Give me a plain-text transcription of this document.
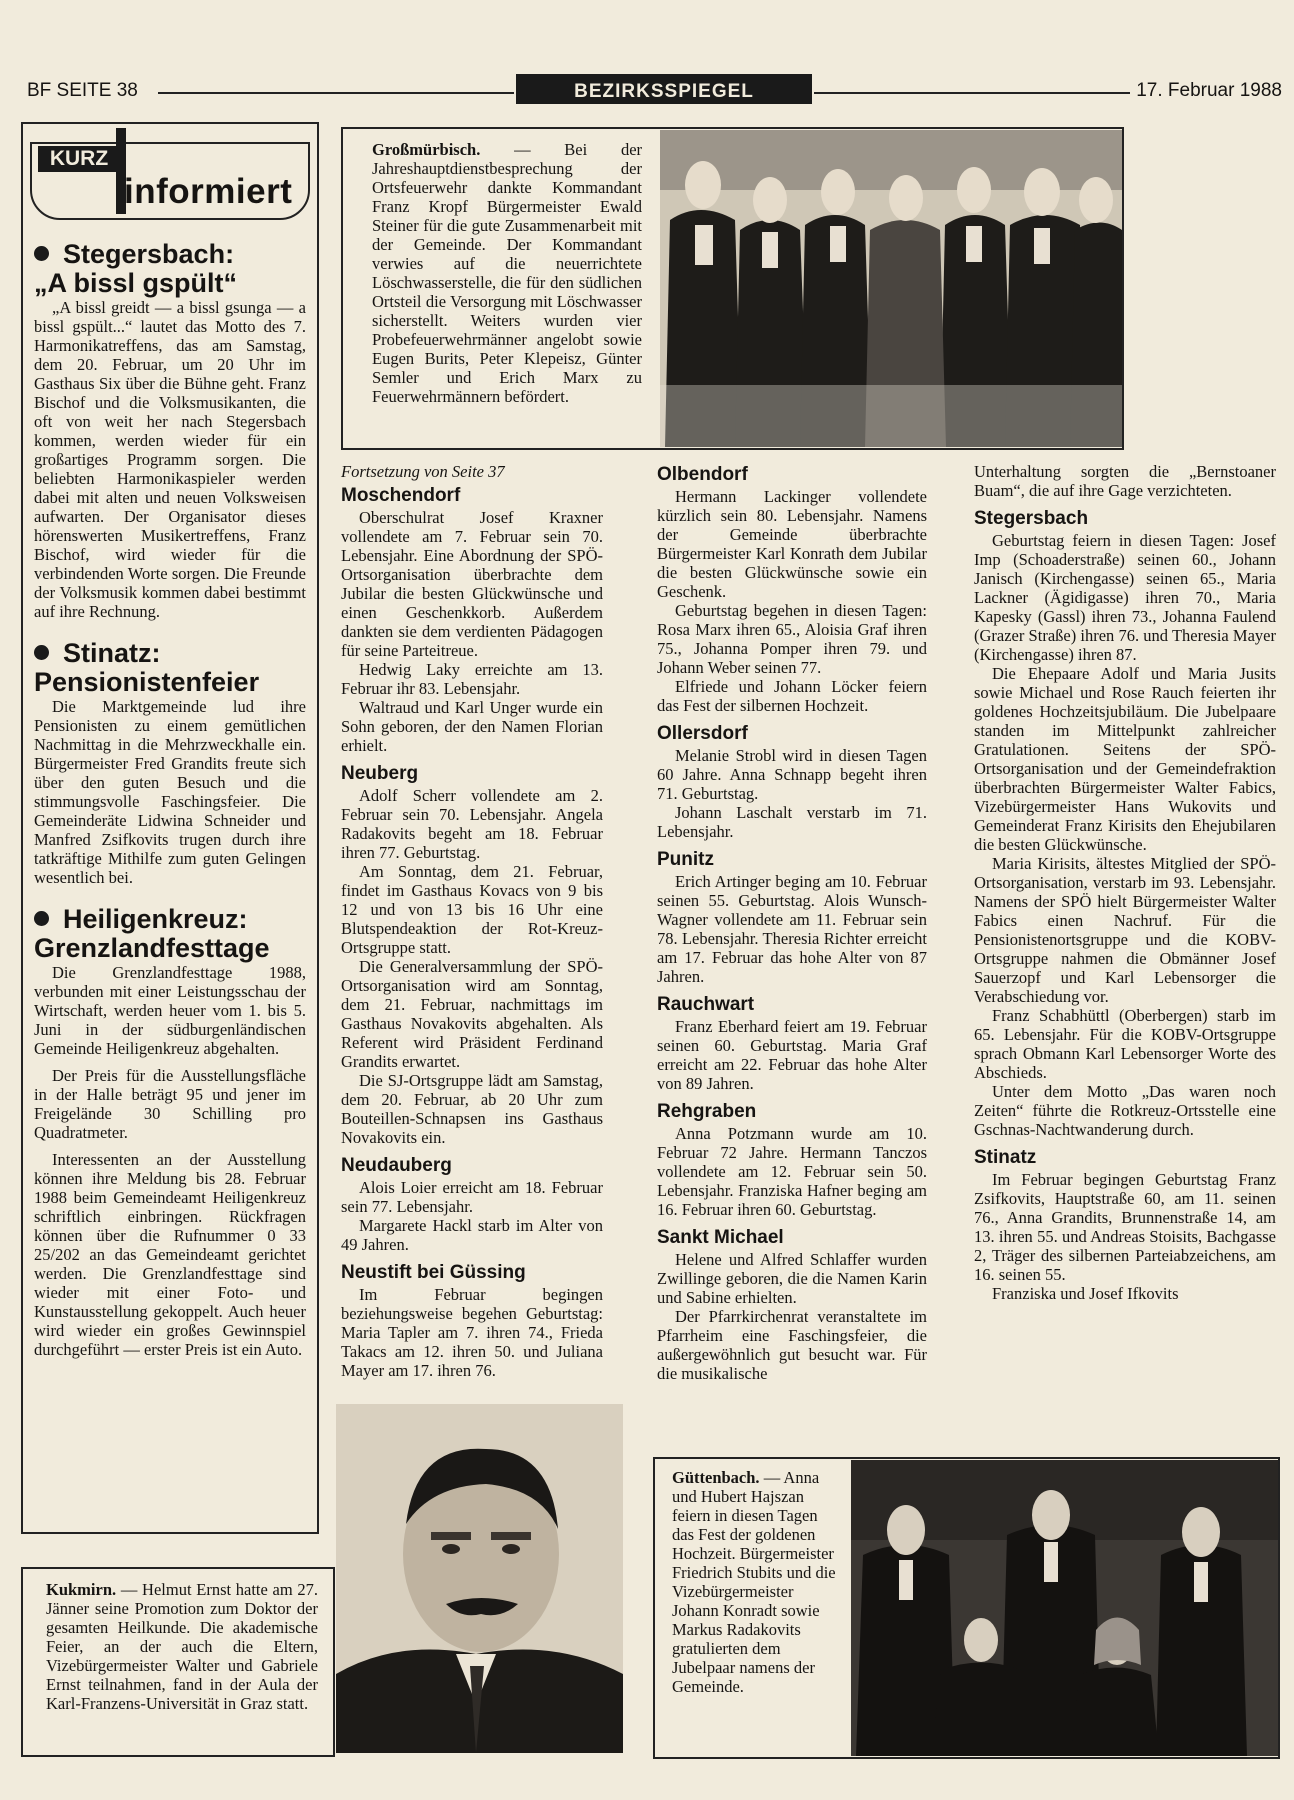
BF SEITE 38	BEZIRKSSPIEGEL	17. Februar 1988
KURZ
informiert
Stegersbach:
„A bissl gspült“

„A bissl greidt — a bissl gsunga — a bissl gspült...“ lautet das Motto des 7. Harmonikatreffens, das am Samstag, dem 20. Februar, um 20 Uhr im Gasthaus Six über die Bühne geht. Franz Bischof und die Volksmusikanten, die oft von weit her nach Stegersbach kommen, werden wieder für ein großartiges Programm sorgen. Die beliebten Harmonikaspieler werden dabei mit alten und neuen Volksweisen aufwarten. Der Organisator dieses hörenswerten Musikertreffens, Franz Bischof, wird wieder für die verbindenden Worte sorgen. Die Freunde der Volksmusik kommen dabei bestimmt auf ihre Rechnung.

Stinatz:
Pensionistenfeier

Die Marktgemeinde lud ihre Pensionisten zu einem gemütlichen Nachmittag in die Mehrzweckhalle ein. Bürgermeister Fred Grandits freute sich über den guten Besuch und die stimmungsvolle Faschingsfeier. Die Gemeinderäte Lidwina Schneider und Manfred Zsifkovits trugen durch ihre tatkräftige Mithilfe zum guten Gelingen wesentlich bei.

Heiligenkreuz:
Grenzlandfesttage

Die Grenzlandfesttage 1988, verbunden mit einer Leistungsschau der Wirtschaft, werden heuer vom 1. bis 5. Juni in der südburgenländischen Gemeinde Heiligenkreuz abgehalten.

Der Preis für die Ausstellungsfläche in der Halle beträgt 95 und jener im Freigelände 30 Schilling pro Quadratmeter.

Interessenten an der Ausstellung können ihre Meldung bis 28. Februar 1988 beim Gemeindeamt Heiligenkreuz schriftlich einbringen. Rückfragen können über die Rufnummer 0 33 25/202 an das Gemeindeamt gerichtet werden. Die Grenzlandfesttage sind wieder mit einer Foto- und Kunstausstellung gekoppelt. Auch heuer wird wieder ein großes Gewinnspiel durchgeführt — erster Preis ist ein Auto.

Großmürbisch. — Bei der Jahreshauptdienstbesprechung der Ortsfeuerwehr dankte Kommandant Franz Kropf Bürgermeister Ewald Steiner für die gute Zusammenarbeit mit der Gemeinde. Der Kommandant verwies auf die neuerrichtete Löschwasserstelle, die für den südlichen Ortsteil die Versorgung mit Löschwasser sicherstellt. Weiters wurden vier Probefeuerwehrmänner angelobt sowie Eugen Burits, Peter Klepeisz, Günter Semler und Erich Marx zu Feuerwehrmännern befördert.
Fortsetzung von Seite 37
Moschendorf

Oberschulrat Josef Kraxner vollendete am 7. Februar sein 70. Lebensjahr. Eine Abordnung der SPÖ-Ortsorganisation überbrachte dem Jubilar die besten Glückwünsche und einen Geschenkkorb. Außerdem dankten sie dem verdienten Pädagogen für seine Parteitreue.

Hedwig Laky erreichte am 13. Februar ihr 83. Lebensjahr.

Waltraud und Karl Unger wurde ein Sohn geboren, der den Namen Florian erhielt.

Neuberg

Adolf Scherr vollendete am 2. Februar sein 70. Lebensjahr. Angela Radakovits begeht am 18. Februar ihren 77. Geburtstag.

Am Sonntag, dem 21. Februar, findet im Gasthaus Kovacs von 9 bis 12 und von 13 bis 16 Uhr eine Blutspendeaktion der Rot-Kreuz-Ortsgruppe statt.

Die Generalversammlung der SPÖ-Ortsorganisation wird am Sonntag, dem 21. Februar, nachmittags im Gasthaus Novakovits abgehalten. Als Referent wird Präsident Ferdinand Grandits erwartet.

Die SJ-Ortsgruppe lädt am Samstag, dem 20. Februar, ab 20 Uhr zum Bouteillen-Schnapsen ins Gasthaus Novakovits ein.

Neudauberg

Alois Loier erreicht am 18. Februar sein 77. Lebensjahr.

Margarete Hackl starb im Alter von 49 Jahren.

Neustift bei Güssing

Im Februar begingen beziehungsweise begehen Geburtstag: Maria Tapler am 7. ihren 74., Frieda Takacs am 12. ihren 50. und Juliana Mayer am 17. ihren 76.

Olbendorf

Hermann Lackinger vollendete kürzlich sein 80. Lebensjahr. Namens der Gemeinde überbrachte Bürgermeister Karl Konrath dem Jubilar die besten Glückwünsche sowie ein Geschenk.

Geburtstag begehen in diesen Tagen: Rosa Marx ihren 65., Aloisia Graf ihren 75., Johanna Pomper ihren 79. und Johann Weber seinen 77.

Elfriede und Johann Löcker feiern das Fest der silbernen Hochzeit.

Ollersdorf

Melanie Strobl wird in diesen Tagen 60 Jahre. Anna Schnapp begeht ihren 71. Geburtstag.

Johann Laschalt verstarb im 71. Lebensjahr.

Punitz

Erich Artinger beging am 10. Februar seinen 55. Geburtstag. Alois Wunsch-Wagner vollendete am 11. Februar sein 78. Lebensjahr. Theresia Richter erreicht am 17. Februar das hohe Alter von 87 Jahren.

Rauchwart

Franz Eberhard feiert am 19. Februar seinen 60. Geburtstag. Maria Graf erreicht am 22. Februar das hohe Alter von 89 Jahren.

Rehgraben

Anna Potzmann wurde am 10. Februar 72 Jahre. Hermann Tanczos vollendete am 12. Februar sein 50. Lebensjahr. Franziska Hafner beging am 16. Februar ihren 60. Geburtstag.

Sankt Michael

Helene und Alfred Schlaffer wurden Zwillinge geboren, die die Namen Karin und Sabine erhielten.

Der Pfarrkirchenrat veranstaltete im Pfarrheim eine Faschingsfeier, die außergewöhnlich gut besucht war. Für die musikalische

Unterhaltung sorgten die „Bernstoaner Buam“, die auf ihre Gage verzichteten.

Stegersbach

Geburtstag feiern in diesen Tagen: Josef Imp (Schoaderstraße) seinen 60., Johann Janisch (Kirchengasse) seinen 65., Maria Lackner (Ägidigasse) ihren 70., Maria Kapesky (Gassl) ihren 73., Johanna Faulend (Grazer Straße) ihren 76. und Theresia Mayer (Kirchengasse) ihren 87.

Die Ehepaare Adolf und Maria Jusits sowie Michael und Rose Rauch feierten ihr goldenes Hochzeitsjubiläum. Die Jubelpaare standen im Mittelpunkt zahlreicher Gratulationen. Seitens der SPÖ-Ortsorganisation und der Gemeindefraktion überbrachten Bürgermeister Walter Fabics, Vizebürgermeister Hans Wukovits und Gemeinderat Franz Kirisits den Ehejubilaren die besten Glückwünsche.

Maria Kirisits, ältestes Mitglied der SPÖ-Ortsorganisation, verstarb im 93. Lebensjahr. Namens der SPÖ hielt Bürgermeister Walter Fabics einen Nachruf. Für die Pensionistenortsgruppe und die KOBV-Ortsgruppe nahmen die Obmänner Josef Sauerzopf und Karl Lebensorger die Verabschiedung vor.

Franz Schabhüttl (Oberbergen) starb im 65. Lebensjahr. Für die KOBV-Ortsgruppe sprach Obmann Karl Lebensorger Worte des Abschieds.

Unter dem Motto „Das waren noch Zeiten“ führte die Rotkreuz-Ortsstelle eine Gschnas-Nachtwanderung durch.

Stinatz

Im Februar begingen Geburtstag Franz Zsifkovits, Hauptstraße 60, am 11. seinen 76., Anna Grandits, Brunnenstraße 14, am 13. ihren 55. und Andreas Stoisits, Bachgasse 2, Träger des silbernen Parteiabzeichens, am 16. seinen 55.

Franziska und Josef Ifkovits

Kukmirn. — Helmut Ernst hatte am 27. Jänner seine Promotion zum Doktor der gesamten Heilkunde. Die akademische Feier, an der auch die Eltern, Vizebürgermeister Walter und Gabriele Ernst teilnahmen, fand in der Aula der Karl-Franzens-Universität in Graz statt.
Güttenbach. — Anna und Hubert Hajszan feiern in diesen Tagen das Fest der goldenen Hochzeit. Bürgermeister Friedrich Stubits und die Vizebürgermeister Johann Konradt sowie Markus Radakovits gratulierten dem Jubelpaar namens der Gemeinde.
